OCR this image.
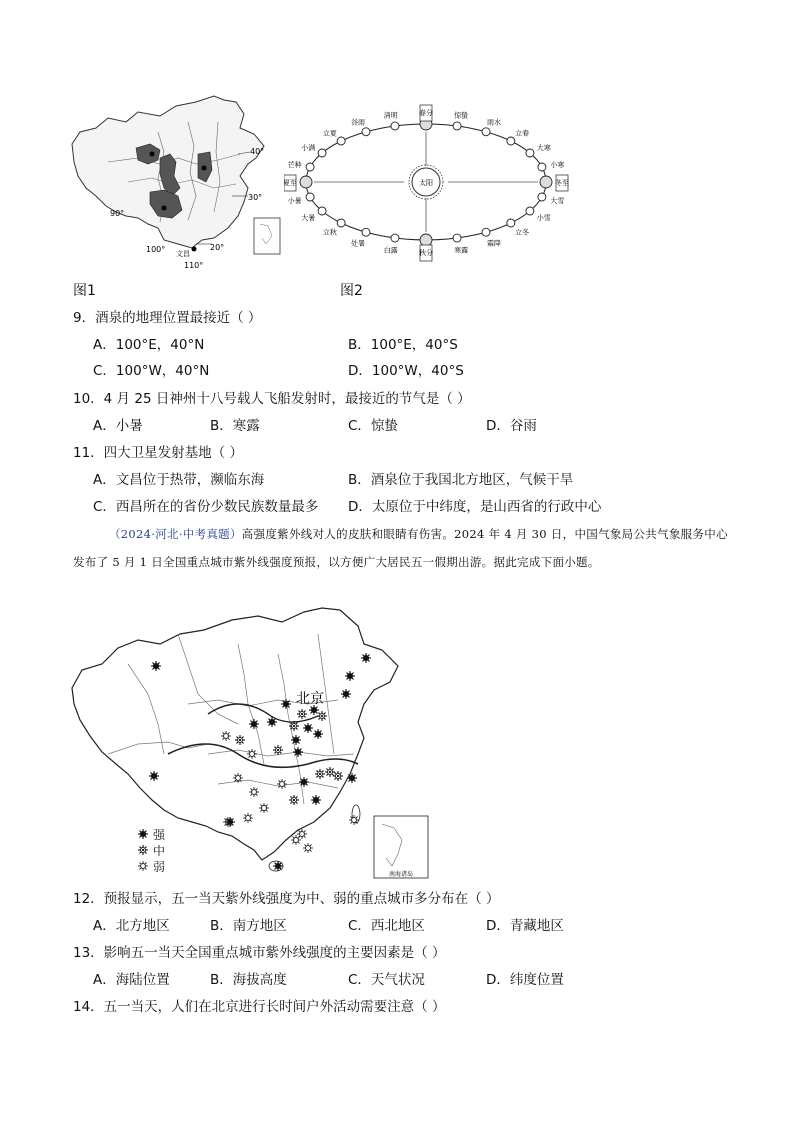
40°
30°
20°
90°
100°
110°
文昌
太阳
春分	惊蛰
雨水
立春
大寒
小寒
冬至
大雪
小雪
立冬
霜降
寒露
秋分
白露
处暑
立秋
大暑
小暑
夏至
芒种
小满
立夏
谷雨
清明
图1	图2
9．酒泉的地理位置最接近（ ）
A．100°E，40°N	B．100°E，40°S
C．100°W，40°N	D．100°W，40°S
10．4 月 25 日神州十八号载人飞船发射时，最接近的节气是（ ）
A．小暑	B．寒露	C．惊蛰	D．谷雨
11．四大卫星发射基地（ ）
A．文昌位于热带，濒临东海	B．酒泉位于我国北方地区，气候干旱
C．西昌所在的省份少数民族数量最多 D．太原位于中纬度，是山西省的行政中心
（2024·河北·中考真题）高强度紫外线对人的皮肤和眼睛有伤害。2024 年 4 月 30 日，中国气象局公共气象服务中心发布了 5 月 1 日全国重点城市紫外线强度预报，以方便广大居民五一假期出游。据此完成下面小题。
北京
南海诸岛
强
中
弱
12．预报显示，五一当天紫外线强度为中、弱的重点城市多分布在（ ）
A．北方地区	B．南方地区	C．西北地区	D．青藏地区
13．影响五一当天全国重点城市紫外线强度的主要因素是（ ）
A．海陆位置	B．海拔高度	C．天气状况	D．纬度位置
14．五一当天，人们在北京进行长时间户外活动需要注意（ ）
